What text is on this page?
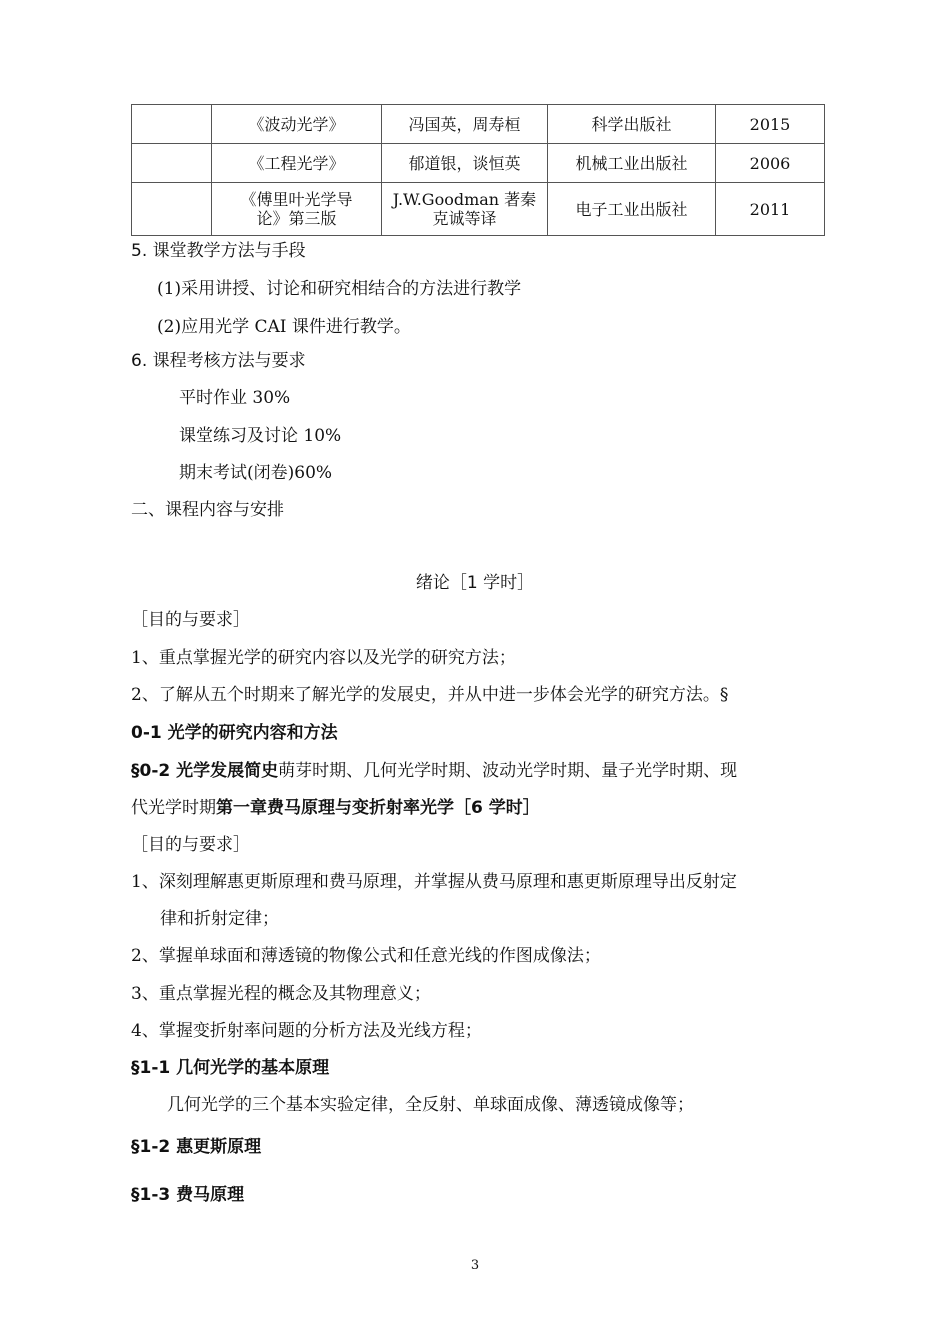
	《波动光学》	冯国英，周寿桓	科学出版社	2015
	《工程光学》	郁道银，谈恒英	机械工业出版社	2006
	《傅里叶光学导论》第三版	J.W.Goodman 著秦克诚等译	电子工业出版社	2011
5. 课堂教学方法与手段
(1)采用讲授、讨论和研究相结合的方法进行教学
(2)应用光学 CAI 课件进行教学。
6. 课程考核方法与要求
平时作业 30%
课堂练习及讨论 10%
期末考试(闭卷)60%
二、课程内容与安排
绪论［1 学时］
［目的与要求］
1、重点掌握光学的研究内容以及光学的研究方法；
2、了解从五个时期来了解光学的发展史，并从中进一步体会光学的研究方法。§
0-1 光学的研究内容和方法
§0-2 光学发展简史萌芽时期、几何光学时期、波动光学时期、量子光学时期、现
代光学时期第一章费马原理与变折射率光学［6 学时］
［目的与要求］
1、深刻理解惠更斯原理和费马原理，并掌握从费马原理和惠更斯原理导出反射定
律和折射定律；
2、掌握单球面和薄透镜的物像公式和任意光线的作图成像法；
3、重点掌握光程的概念及其物理意义；
4、掌握变折射率问题的分析方法及光线方程；
§1-1 几何光学的基本原理
几何光学的三个基本实验定律，全反射、单球面成像、薄透镜成像等；
§1-2 惠更斯原理
§1-3 费马原理
3
